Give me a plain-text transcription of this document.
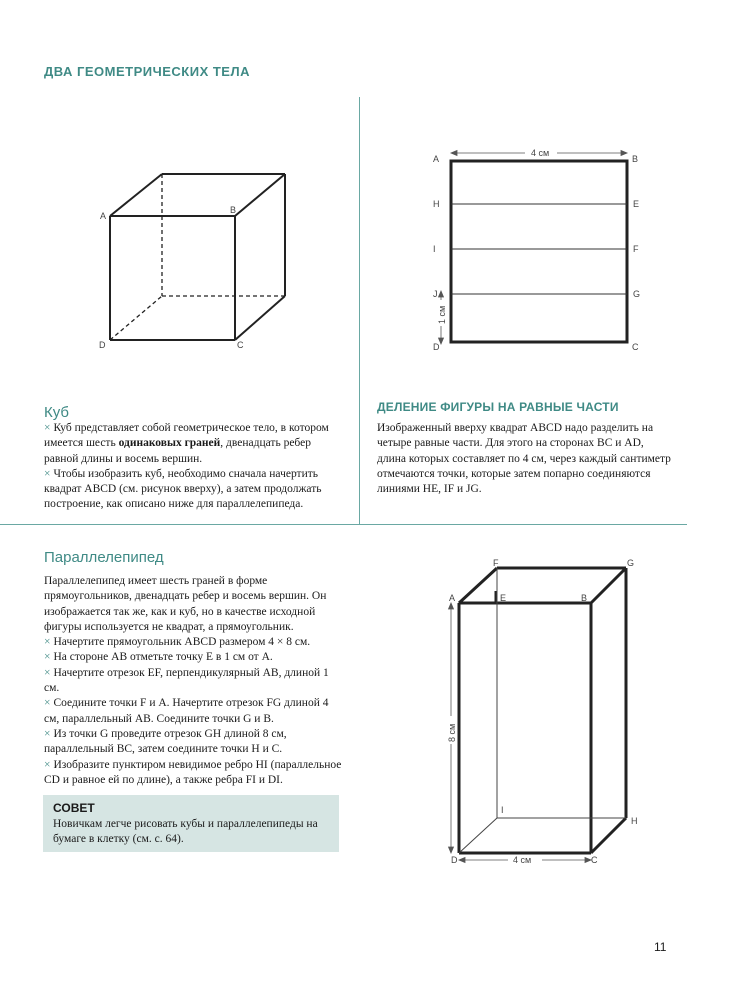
ДВА ГЕОМЕТРИЧЕСКИХ ТЕЛА
A
B
C
D
4 см
1 см
A	B
C
D
E
F
G
H
I
J
Куб

× Куб представляет собой геометрическое тело, в котором имеется шесть одинаковых граней, двенадцать ребер равной длины и восемь вершин.

× Чтобы изобразить куб, необходимо сначала начертить квадрат ABCD (см. рисунок вверху), а затем продолжать построение, как описано ниже для параллелепипеда.

ДЕЛЕНИЕ ФИГУРЫ НА РАВНЫЕ ЧАСТИ
Изображенный вверху квадрат ABCD надо разделить на четыре равные части. Для этого на сторонах BC и AD, длина которых составляет по 4 см, через каждый сантиметр отмечаются точки, которые затем попарно соединяются линиями HE, IF и JG.
Параллелепипед

Параллелепипед имеет шесть граней в форме прямоугольников, двенадцать ребер и восемь вершин. Он изображается так же, как и куб, но в качестве исходной фигуры используется не квадрат, а прямоугольник.

× Начертите прямоугольник ABCD размером 4 × 8 см.

× На стороне AB отметьте точку E в 1 см от A.

× Начертите отрезок EF, перпендикулярный AB, длиной 1 см.

× Соедините точки F и A. Начертите отрезок FG длиной 4 см, параллельный AB. Соедините точки G и B.

× Из точки G проведите отрезок GH длиной 8 см, параллельный BC, затем соедините точки H и C.

× Изобразите пунктиром невидимое ребро HI (параллельное CD и равное ей по длине), а также ребра FI и DI.

СОВЕТ
Новичкам легче рисовать кубы и параллелепипеды на бумаге в клетку (см. с. 64).
8 см
4 см
A	B
C
D
E
F	G
H
I
11
